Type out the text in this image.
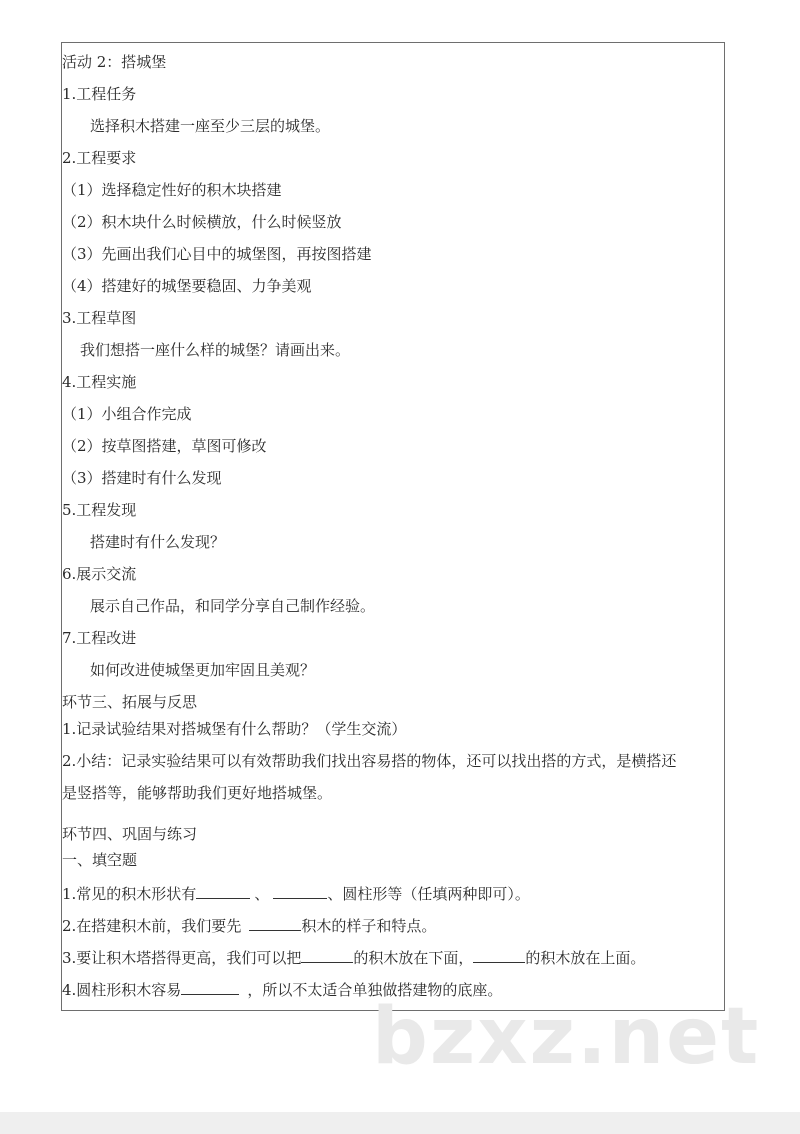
活动 2：搭城堡
1.工程任务
选择积木搭建一座至少三层的城堡。
2.工程要求
（1）选择稳定性好的积木块搭建
（2）积木块什么时候横放，什么时候竖放
（3）先画出我们心目中的城堡图，再按图搭建
（4）搭建好的城堡要稳固、力争美观
3.工程草图
我们想搭一座什么样的城堡？请画出来。
4.工程实施
（1）小组合作完成
（2）按草图搭建，草图可修改
（3）搭建时有什么发现
5.工程发现
搭建时有什么发现？
6.展示交流
展示自己作品，和同学分享自己制作经验。
7.工程改进
如何改进使城堡更加牢固且美观？
环节三、拓展与反思
1.记录试验结果对搭城堡有什么帮助？（学生交流）
2.小结：记录实验结果可以有效帮助我们找出容易搭的物体，还可以找出搭的方式，是横搭还
是竖搭等，能够帮助我们更好地搭城堡。
环节四、巩固与练习
一、填空题
1.常见的积木形状有	、	、圆柱形等（任填两种即可）。
2.在搭建积木前，我们要先	积木的样子和特点。
3.要让积木塔搭得更高，我们可以把	的积木放在下面，	的积木放在上面。
4.圆柱形积木容易	，所以不太适合单独做搭建物的底座。
bzxz.net
